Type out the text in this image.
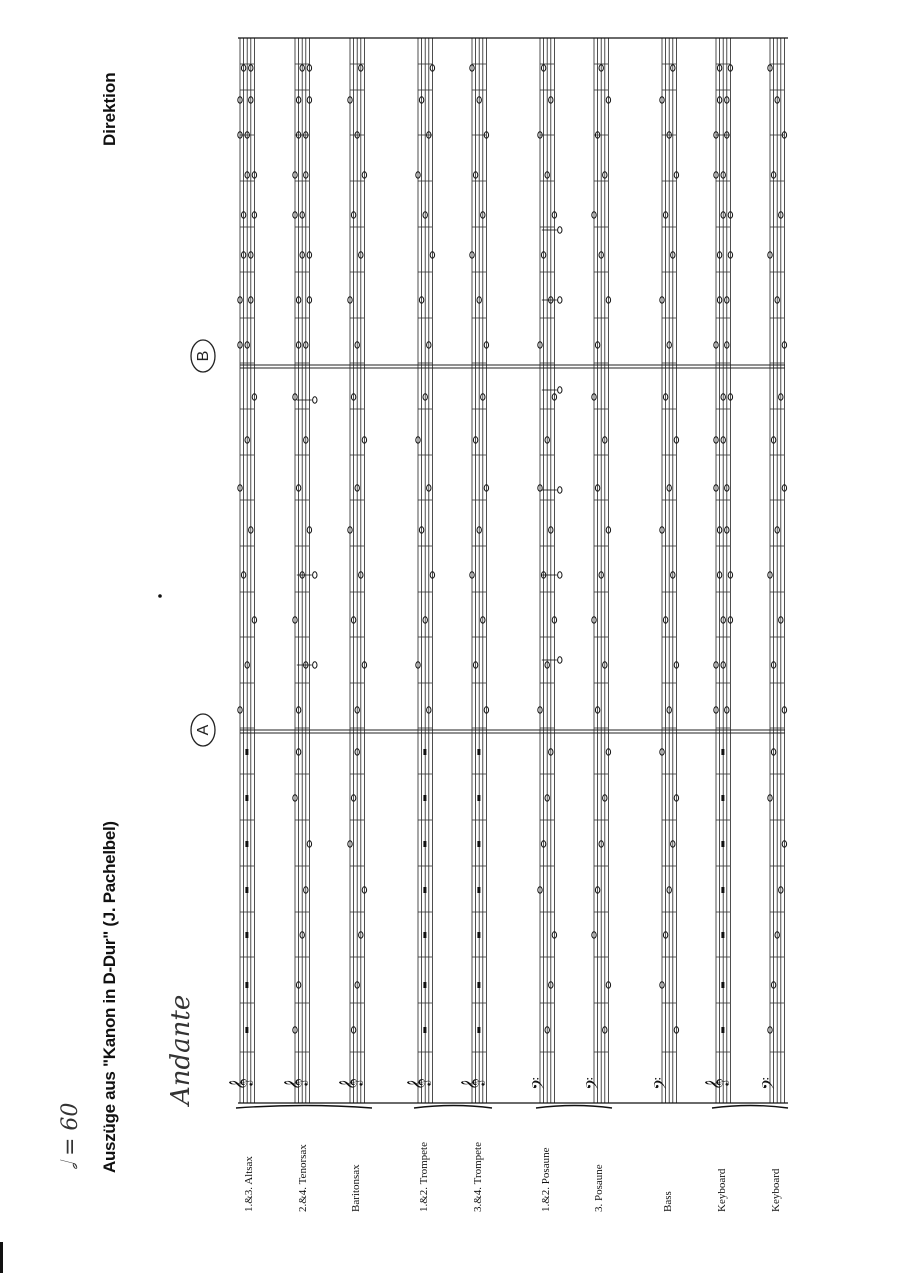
𝅗𝅥 = 60
Andante
Auszüge aus "Kanon in D-Dur" (J. Pachelbel)
Direktion
1.&3. Altsax	2.&4. Tenorsax	Baritonsax	1.&2. Trompete	3.&4. Trompete	1.&2. Posaune	3. Posaune	Bass	Keyboard	Keyboard
𝄞 𝄞 𝄞 𝄞 𝄞 𝄢 𝄢 𝄢 𝄞 𝄢
A
B
